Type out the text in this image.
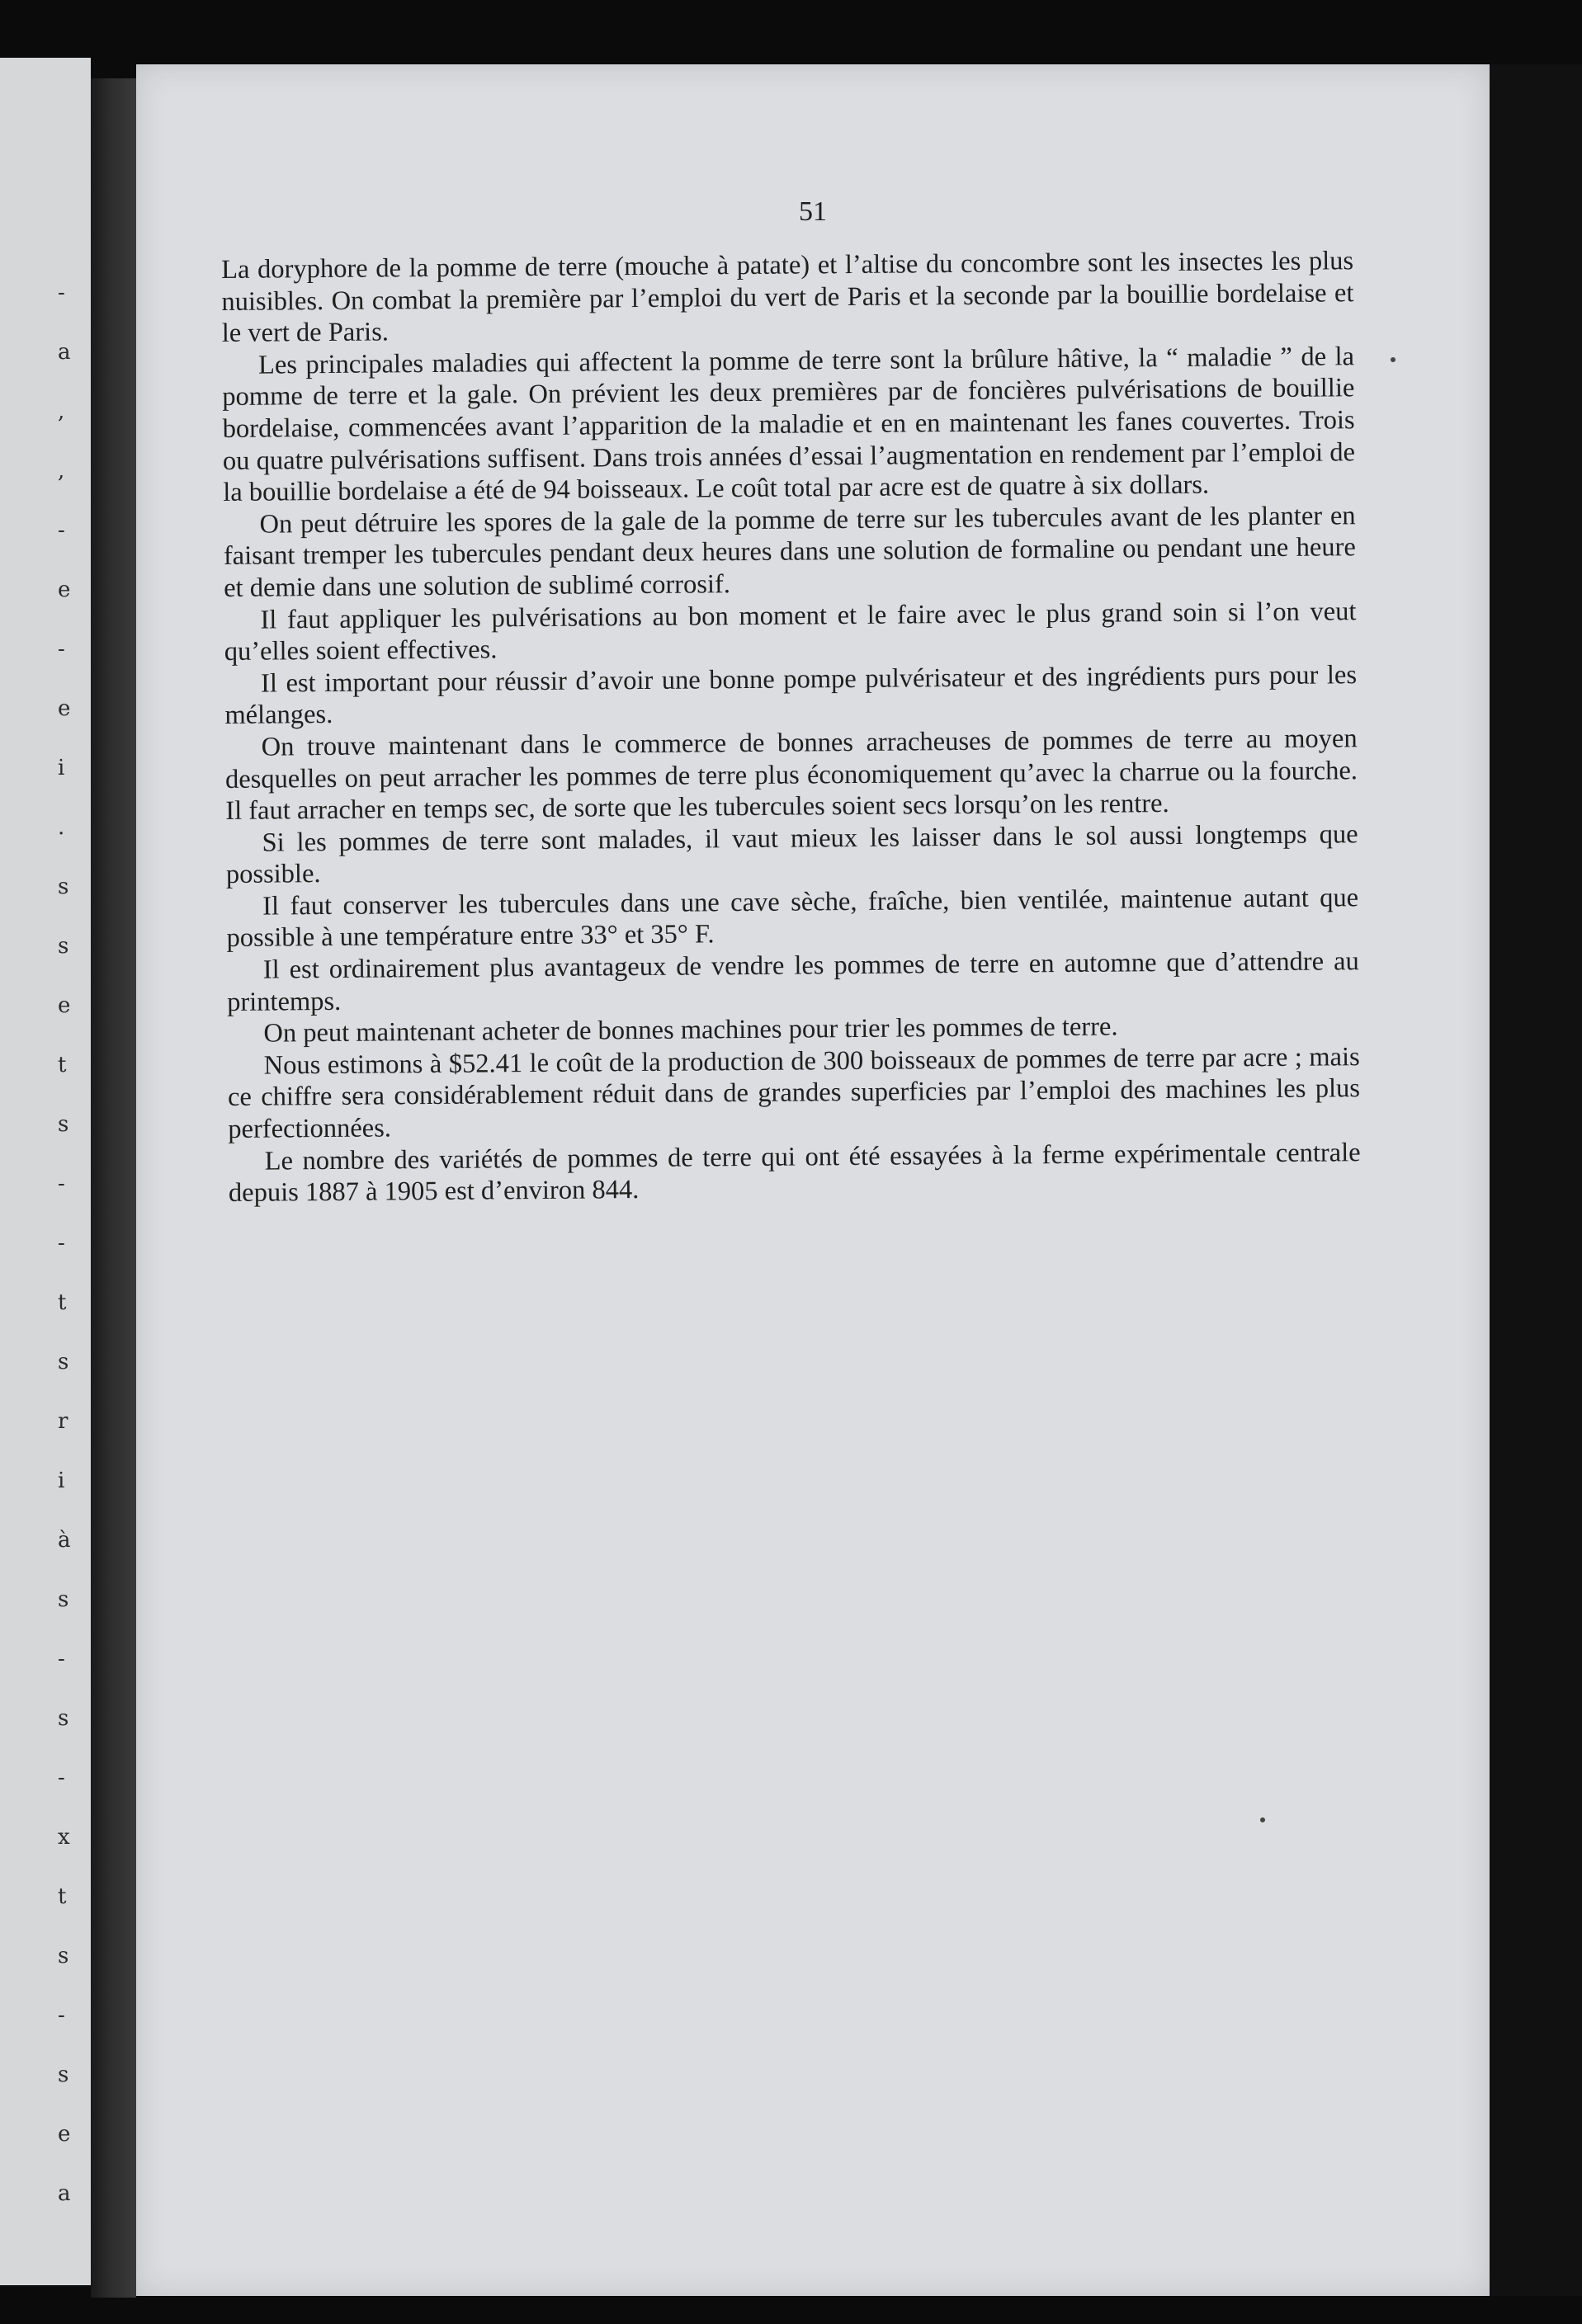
-
a
,
,
-
e
-
e
i
.
s
s
e
t
s
-
-
t
s
r
i
à
s
-
s
-
x
t
s
-
s
e
a
51

La doryphore de la pomme de terre (mouche à patate) et l’altise du concombre sont les insectes les plus nuisibles. On combat la première par l’emploi du vert de Paris et la seconde par la bouillie bordelaise et le vert de Paris.

Les principales maladies qui affectent la pomme de terre sont la brûlure hâtive, la “ maladie ” de la pomme de terre et la gale. On prévient les deux premières par de foncières pulvérisations de bouillie bordelaise, commencées avant l’apparition de la maladie et en en maintenant les fanes couvertes. Trois ou quatre pulvérisations suffisent. Dans trois années d’essai l’augmentation en rendement par l’emploi de la bouillie bordelaise a été de 94 boisseaux. Le coût total par acre est de quatre à six dollars.

On peut détruire les spores de la gale de la pomme de terre sur les tubercules avant de les planter en faisant tremper les tubercules pendant deux heures dans une solution de formaline ou pendant une heure et demie dans une solution de sublimé corrosif.

Il faut appliquer les pulvérisations au bon moment et le faire avec le plus grand soin si l’on veut qu’elles soient effectives.

Il est important pour réussir d’avoir une bonne pompe pulvérisateur et des ingrédients purs pour les mélanges.

On trouve maintenant dans le commerce de bonnes arracheuses de pommes de terre au moyen desquelles on peut arracher les pommes de terre plus économiquement qu’avec la charrue ou la fourche. Il faut arracher en temps sec, de sorte que les tubercules soient secs lorsqu’on les rentre.

Si les pommes de terre sont malades, il vaut mieux les laisser dans le sol aussi longtemps que possible.

Il faut conserver les tubercules dans une cave sèche, fraîche, bien ventilée, maintenue autant que possible à une température entre 33° et 35° F.

Il est ordinairement plus avantageux de vendre les pommes de terre en automne que d’attendre au printemps.

On peut maintenant acheter de bonnes machines pour trier les pommes de terre.

Nous estimons à $52.41 le coût de la production de 300 boisseaux de pommes de terre par acre ; mais ce chiffre sera considérablement réduit dans de grandes superficies par l’emploi des machines les plus perfectionnées.

Le nombre des variétés de pommes de terre qui ont été essayées à la ferme expérimentale centrale depuis 1887 à 1905 est d’environ 844.
